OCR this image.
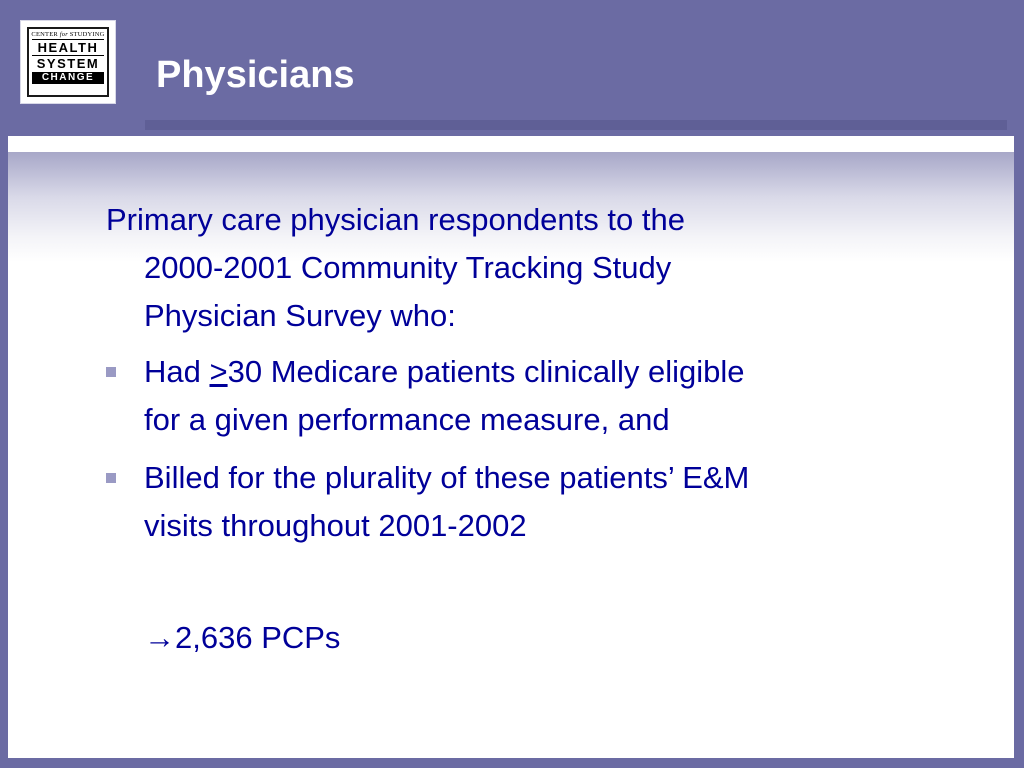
CENTER for STUDYING
HEALTH
SYSTEM
CHANGE Physicians
Primary care physician respondents to the
2000-2001 Community Tracking Study
Physician Survey who:
Had ≥30 Medicare patients clinically eligible
for a given performance measure, and
Billed for the plurality of these patients’ E&M
visits throughout 2001-2002
→2,636 PCPs
